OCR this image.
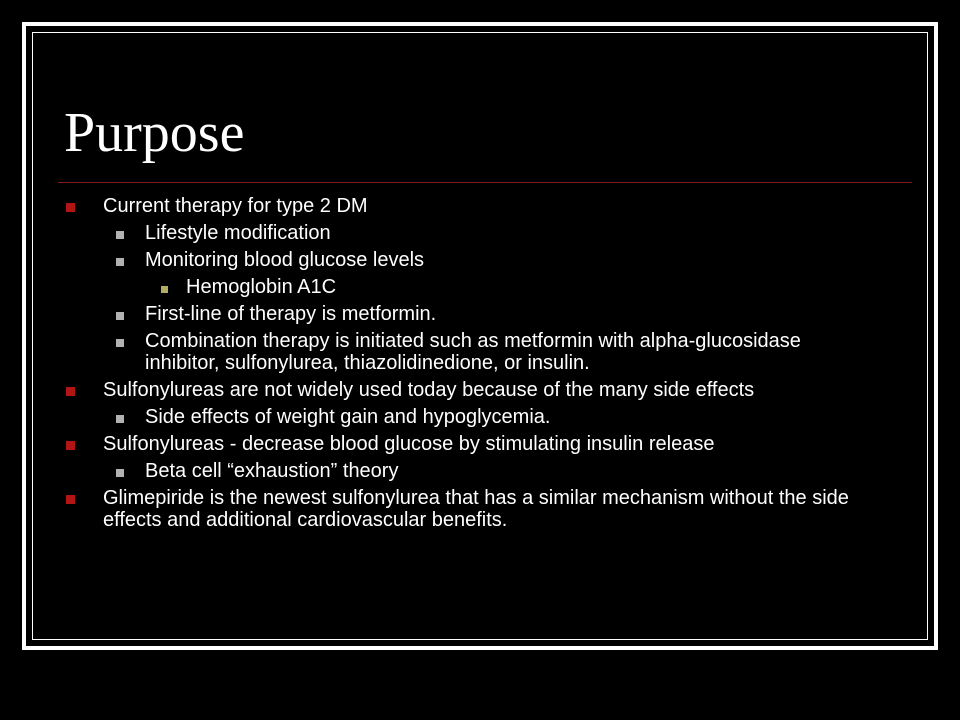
Purpose
Current therapy for type 2 DM
Lifestyle modification
Monitoring blood glucose levels
Hemoglobin A1C
First-line of therapy is metformin.
Combination therapy is initiated such as metformin with alpha-glucosidase inhibitor, sulfonylurea, thiazolidinedione, or insulin.
Sulfonylureas are not widely used today because of the many side effects
Side effects of weight gain and hypoglycemia.
Sulfonylureas - decrease blood glucose by stimulating insulin release
Beta cell “exhaustion” theory
Glimepiride is the newest sulfonylurea that has a similar mechanism without the side effects and additional cardiovascular benefits.
